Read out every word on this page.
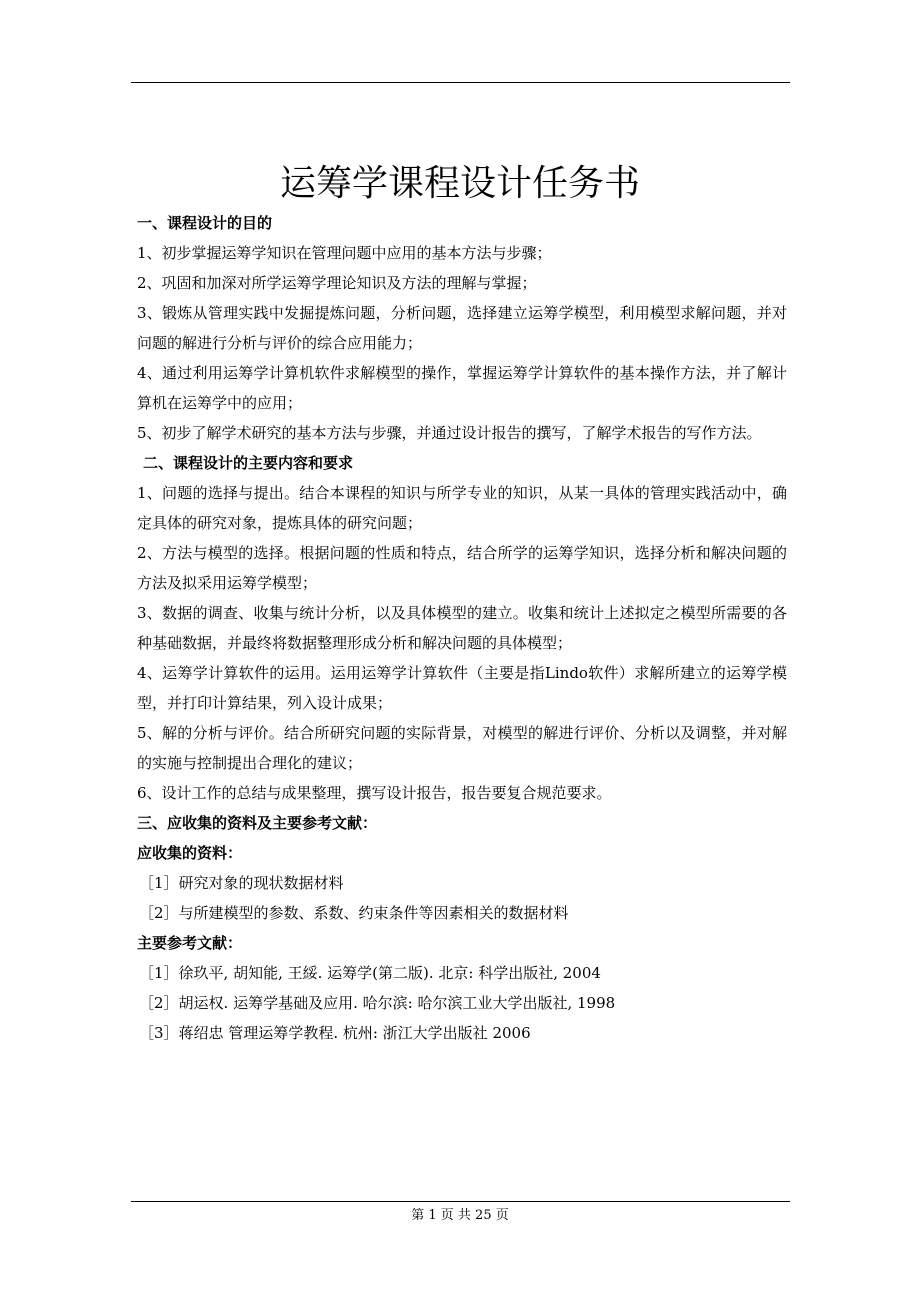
运筹学课程设计任务书

一、课程设计的目的

1、初步掌握运筹学知识在管理问题中应用的基本方法与步骤；

2、巩固和加深对所学运筹学理论知识及方法的理解与掌握；

3、锻炼从管理实践中发掘提炼问题，分析问题，选择建立运筹学模型，利用模型求解问题，并对问题的解进行分析与评价的综合应用能力；

4、通过利用运筹学计算机软件求解模型的操作，掌握运筹学计算软件的基本操作方法，并了解计算机在运筹学中的应用；

5、初步了解学术研究的基本方法与步骤，并通过设计报告的撰写，了解学术报告的写作方法。

二、课程设计的主要内容和要求

1、问题的选择与提出。结合本课程的知识与所学专业的知识，从某一具体的管理实践活动中，确定具体的研究对象，提炼具体的研究问题；

2、方法与模型的选择。根据问题的性质和特点，结合所学的运筹学知识，选择分析和解决问题的方法及拟采用运筹学模型；

3、数据的调查、收集与统计分析，以及具体模型的建立。收集和统计上述拟定之模型所需要的各种基础数据，并最终将数据整理形成分析和解决问题的具体模型；

4、运筹学计算软件的运用。运用运筹学计算软件（主要是指Lindo软件）求解所建立的运筹学模型，并打印计算结果，列入设计成果；

5、解的分析与评价。结合所研究问题的实际背景，对模型的解进行评价、分析以及调整，并对解的实施与控制提出合理化的建议；

6、设计工作的总结与成果整理，撰写设计报告，报告要复合规范要求。

三、应收集的资料及主要参考文献：

应收集的资料：

［1］研究对象的现状数据材料

［2］与所建模型的参数、系数、约束条件等因素相关的数据材料

主要参考文献：

［1］徐玖平, 胡知能, 王綏. 运筹学(第二版). 北京: 科学出版社, 2004

［2］胡运权. 运筹学基础及应用. 哈尔滨: 哈尔滨工业大学出版社, 1998

［3］蒋绍忠 管理运筹学教程. 杭州: 浙江大学出版社 2006

第 1 页 共 25 页
